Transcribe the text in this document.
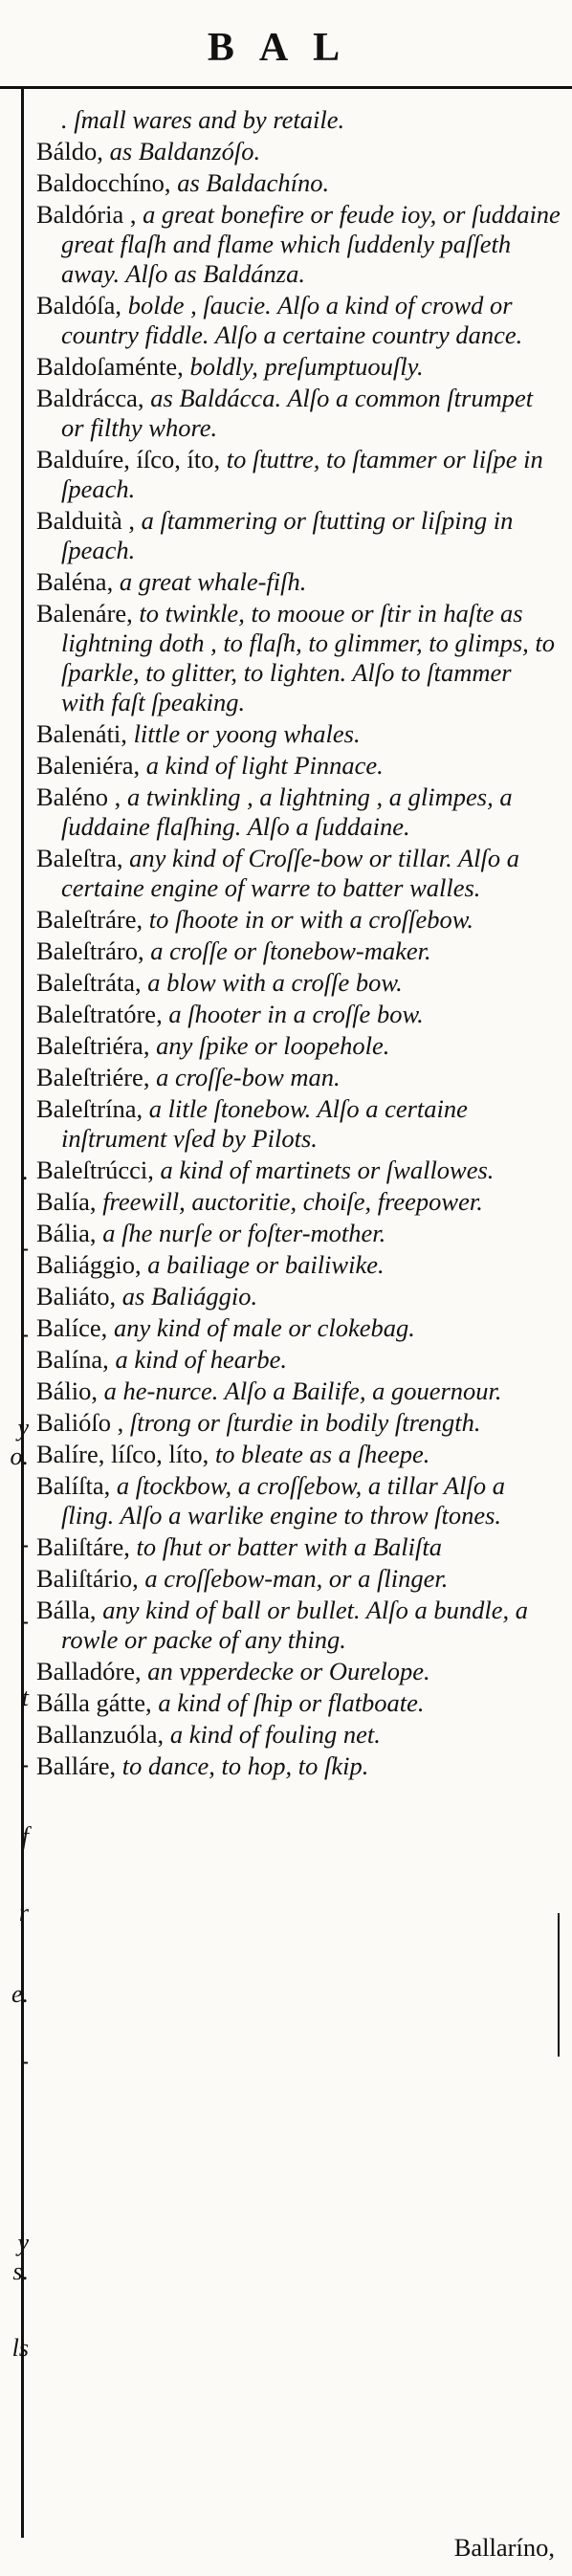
BAL
.
-
-
y
o.
-
-
t
-
f
r
e.
-
y
s.
ls
. ſmall wares and by retaile.
Báldo, as Baldanzóſo.
Baldocchíno, as Baldachíno.
Baldória , a great bonefire or feude ioy, or ſuddaine great flaſh and flame which ſuddenly paſſeth away. Alſo as Baldánza.
Baldóſa, bolde , ſaucie. Alſo a kind of crowd or country fiddle. Alſo a certaine country dance.
Baldoſaménte, boldly, preſumptuouſly.
Baldrácca, as Baldácca. Alſo a common ſtrumpet or filthy whore.
Balduíre, íſco, íto, to ſtuttre, to ſtammer or liſpe in ſpeach.
Balduità , a ſtammering or ſtutting or liſping in ſpeach.
Baléna, a great whale-fiſh.
Balenáre, to twinkle, to mooue or ſtir in haſte as lightning doth , to flaſh, to glimmer, to glimps, to ſparkle, to glitter, to lighten. Alſo to ſtammer with faſt ſpeaking.
Balenáti, little or yoong whales.
Baleniéra, a kind of light Pinnace.
Baléno , a twinkling , a lightning , a glimpes, a ſuddaine flaſhing. Alſo a ſuddaine.
Baleſtra, any kind of Croſſe-bow or tillar. Alſo a certaine engine of warre to batter walles.
Baleſtráre, to ſhoote in or with a croſſebow.
Baleſtráro, a croſſe or ſtonebow-maker.
Baleſtráta, a blow with a croſſe bow.
Baleſtratóre, a ſhooter in a croſſe bow.
Baleſtriéra, any ſpike or loopehole.
Baleſtriére, a croſſe-bow man.
Baleſtrína, a litle ſtonebow. Alſo a certaine inſtrument vſed by Pilots.
Baleſtrúcci, a kind of martinets or ſwallowes.
Balía, freewill, auctoritie, choiſe, freepower.
Bália, a ſhe nurſe or foſter-mother.
Baliággio, a bailiage or bailiwike.
Baliáto, as Baliággio.
Balíce, any kind of male or clokebag.
Balína, a kind of hearbe.
Bálio, a he-nurce. Alſo a Bailife, a gouernour.
Balióſo , ſtrong or ſturdie in bodily ſtrength.
Balíre, líſco, líto, to bleate as a ſheepe.
Balíſta, a ſtockbow, a croſſebow, a tillar Alſo a ſling. Alſo a warlike engine to throw ſtones.
Baliſtáre, to ſhut or batter with a Baliſta
Baliſtário, a croſſebow-man, or a ſlinger.
Bálla, any kind of ball or bullet. Alſo a bundle, a rowle or packe of any thing.
Balladóre, an vpperdecke or Ourelope.
Bálla gátte, a kind of ſhip or flatboate.
Ballanzuóla, a kind of fouling net.
Balláre, to dance, to hop, to ſkip.
Ballaríno,
